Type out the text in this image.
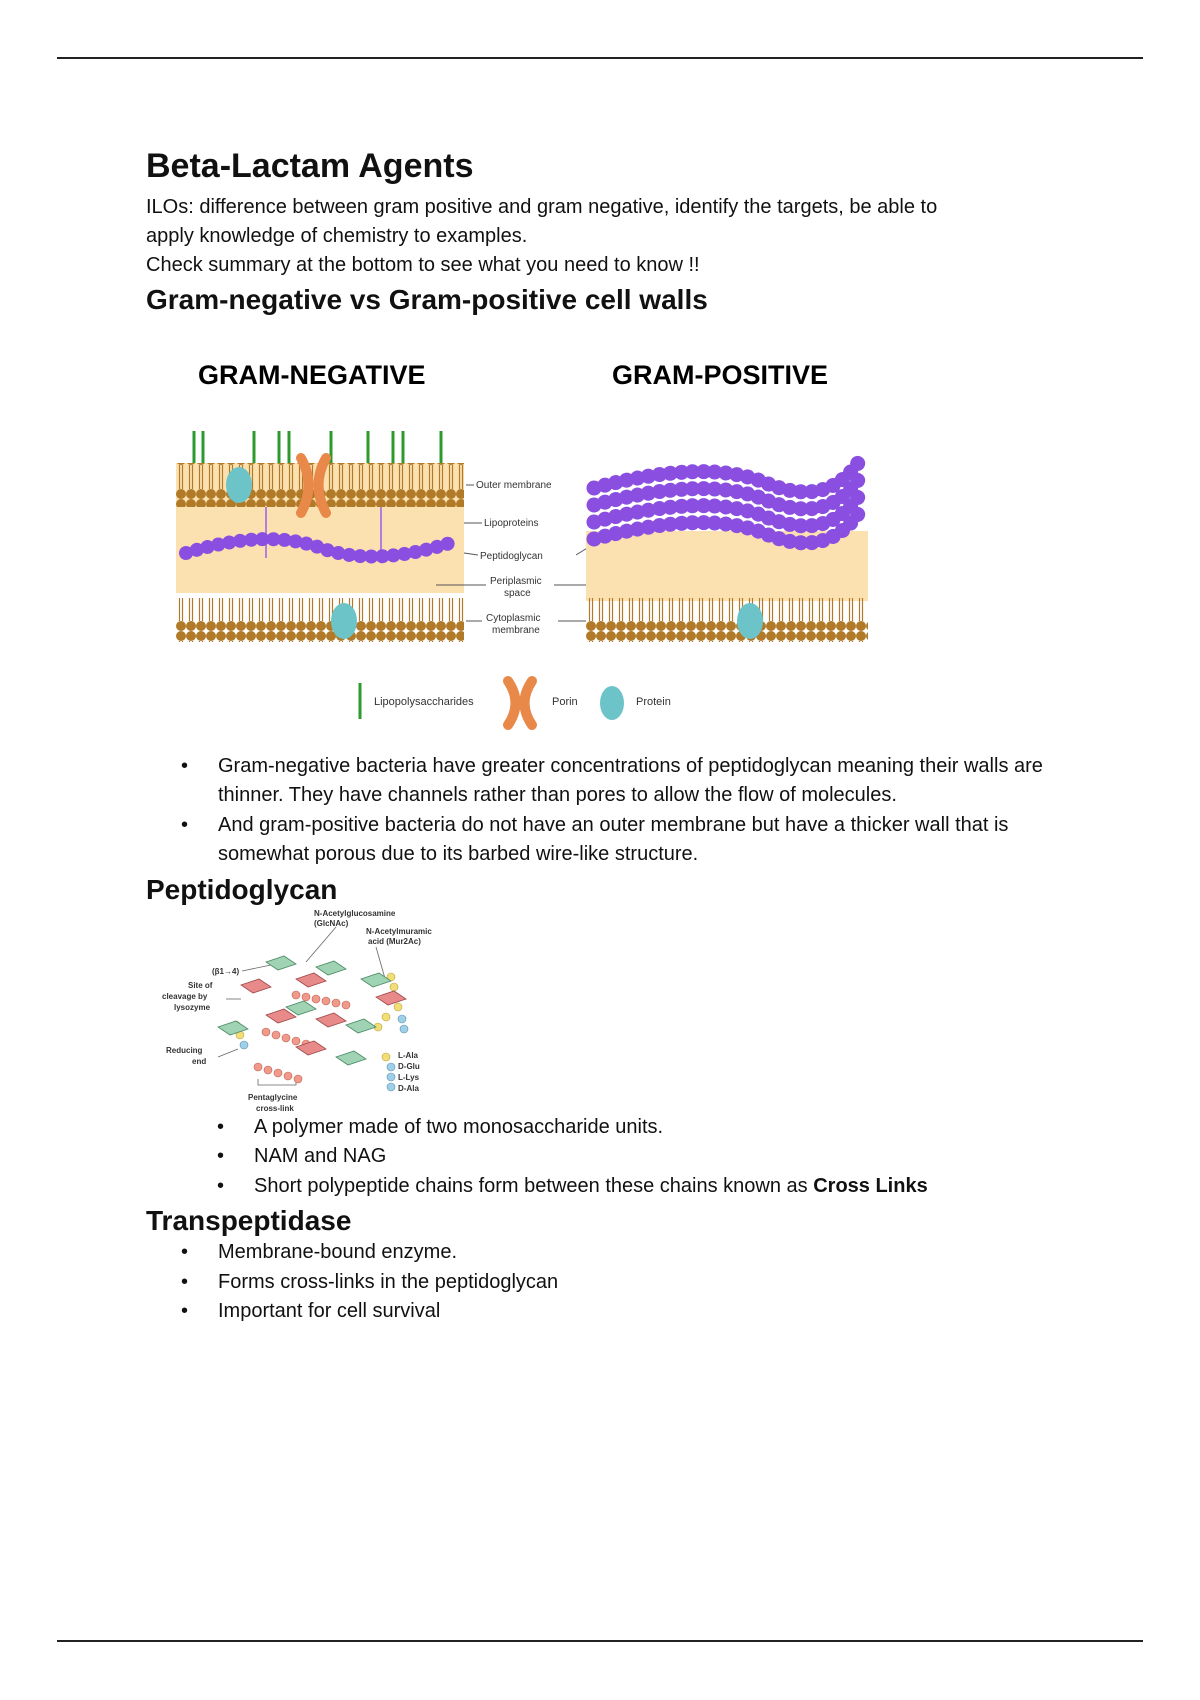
Beta-Lactam Agents

ILOs: difference between gram positive and gram negative, identify the targets, be able to

apply knowledge of chemistry to examples.

Check summary at the bottom to see what you need to know !!

Gram-negative vs Gram-positive cell walls
GRAM-NEGATIVE	GRAM-POSITIVE
Outer membrane
Lipoproteins
Peptidoglycan
Periplasmic
space
Cytoplasmic
membrane
Lipopolysaccharides	Porin	Protein
• Gram-negative bacteria have greater concentrations of peptidoglycan meaning their walls are thinner. They have channels rather than pores to allow the flow of molecules.
• And gram-positive bacteria do not have an outer membrane but have a thicker wall that is somewhat porous due to its barbed wire-like structure.
Peptidoglycan
N-Acetylglucosamine
(GlcNAc)
N-Acetylmuramic
acid (Mur2Ac)
(β1→4)
Site of
cleavage by
lysozyme
Reducing
end
Pentaglycine
cross-link
L-Ala
D-Glu
L-Lys
D-Ala
• A polymer made of two monosaccharide units.
• NAM and NAG
• Short polypeptide chains form between these chains known as Cross Links
Transpeptidase
• Membrane-bound enzyme.
• Forms cross-links in the peptidoglycan
• Important for cell survival
